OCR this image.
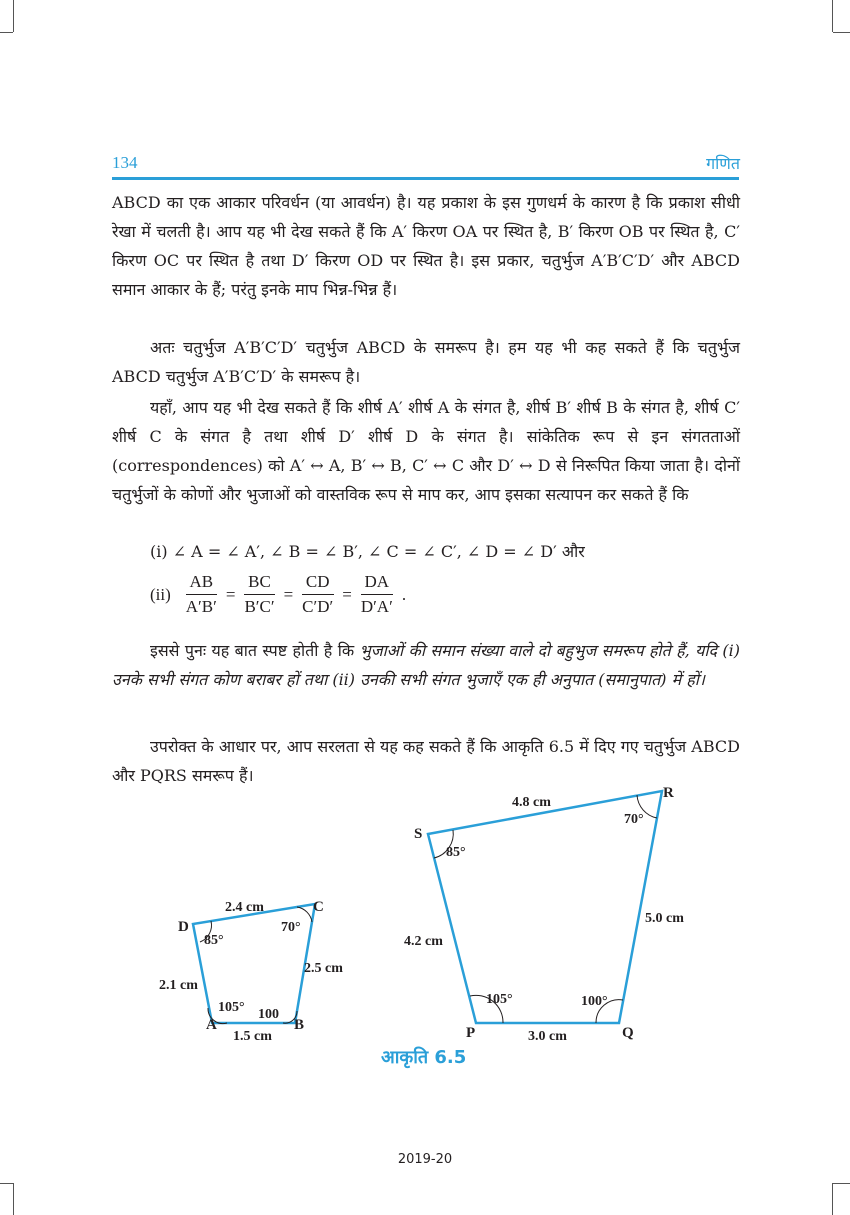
134	गणित

ABCD का एक आकार परिवर्धन (या आवर्धन) है। यह प्रकाश के इस गुणधर्म के कारण है कि प्रकाश सीधी रेखा में चलती है। आप यह भी देख सकते हैं कि A′ किरण OA पर स्थित है, B′ किरण OB पर स्थित है, C′ किरण OC पर स्थित है तथा D′ किरण OD पर स्थित है। इस प्रकार, चतुर्भुज A′B′C′D′ और ABCD समान आकार के हैं; परंतु इनके माप भिन्न-भिन्न हैं।

अतः चतुर्भुज A′B′C′D′ चतुर्भुज ABCD के समरूप है। हम यह भी कह सकते हैं कि चतुर्भुज ABCD चतुर्भुज A′B′C′D′ के समरूप है।

यहाँ, आप यह भी देख सकते हैं कि शीर्ष A′ शीर्ष A के संगत है, शीर्ष B′ शीर्ष B के संगत है, शीर्ष C′ शीर्ष C के संगत है तथा शीर्ष D′ शीर्ष D के संगत है। सांकेतिक रूप से इन संगतताओं (correspondences) को A′ ↔ A, B′ ↔ B, C′ ↔ C और D′ ↔ D से निरूपित किया जाता है। दोनों चतुर्भुजों के कोणों और भुजाओं को वास्तविक रूप से माप कर, आप इसका सत्यापन कर सकते हैं कि

(i) ∠ A = ∠ A′, ∠ B = ∠ B′, ∠ C = ∠ C′, ∠ D = ∠ D′ और
$(ii) \frac{AB}{A'B'} = \frac{BC}{B'C'} = \frac{CD}{C'D'} = \frac{DA}{D'A'}$ .

इससे पुनः यह बात स्पष्ट होती है कि भुजाओं की समान संख्या वाले दो बहुभुज समरूप होते हैं, यदि (i) उनके सभी संगत कोण बराबर हों तथा (ii) उनकी सभी संगत भुजाएँ एक ही अनुपात (समानुपात) में हों।

उपरोक्त के आधार पर, आप सरलता से यह कह सकते हैं कि आकृति 6.5 में दिए गए चतुर्भुज ABCD और PQRS समरूप हैं।

A	B
C
D
2.4 cm
2.5 cm
2.1 cm
1.5 cm
85°
70°
105° 100
P	Q
R
S
4.8 cm
5.0 cm
4.2 cm
3.0 cm
85°
70°
105°	100°
आकृति 6.5
2019-20
